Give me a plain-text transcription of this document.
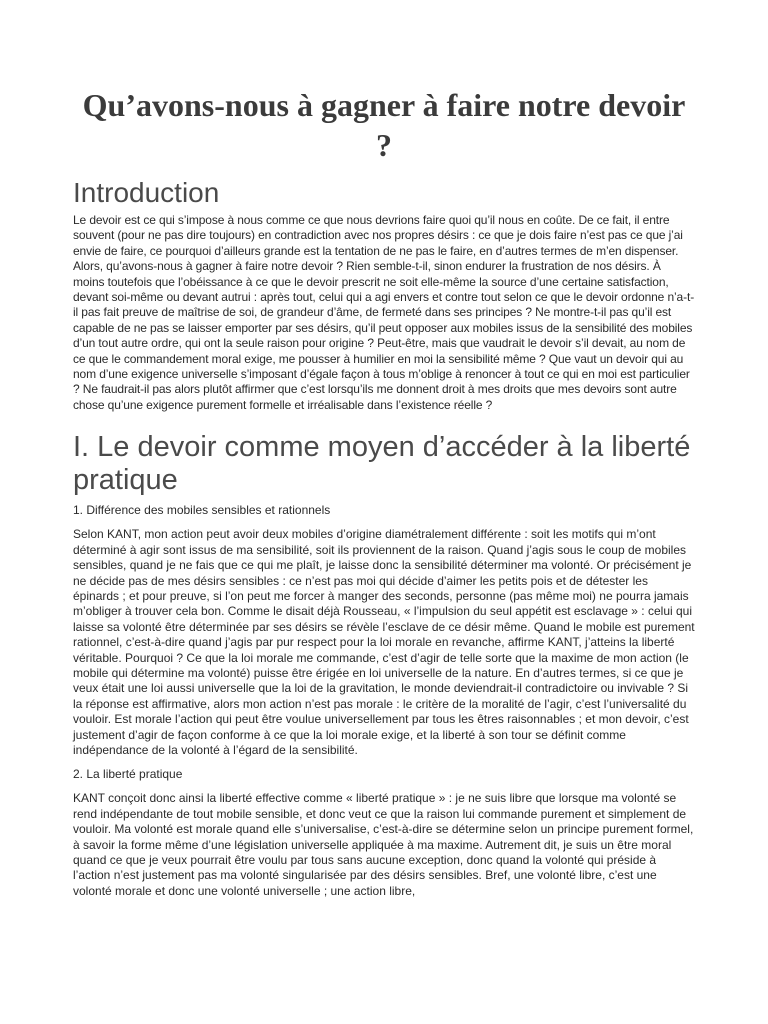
Qu’avons-nous à gagner à faire notre devoir ?
Introduction

Le devoir est ce qui s’impose à nous comme ce que nous devrions faire quoi qu’il nous en coûte. De ce fait, il entre souvent (pour ne pas dire toujours) en contradiction avec nos propres désirs : ce que je dois faire n’est pas ce que j’ai envie de faire, ce pourquoi d’ailleurs grande est la tentation de ne pas le faire, en d’autres termes de m’en dispenser. Alors, qu’avons-nous à gagner à faire notre devoir ? Rien semble-t-il, sinon endurer la frustration de nos désirs. À moins toutefois que l’obéissance à ce que le devoir prescrit ne soit elle-même la source d’une certaine satisfaction, devant soi-même ou devant autrui : après tout, celui qui a agi envers et contre tout selon ce que le devoir ordonne n’a-t-il pas fait preuve de maîtrise de soi, de grandeur d’âme, de fermeté dans ses principes ? Ne montre-t-il pas qu’il est capable de ne pas se laisser emporter par ses désirs, qu’il peut opposer aux mobiles issus de la sensibilité des mobiles d’un tout autre ordre, qui ont la seule raison pour origine ? Peut-être, mais que vaudrait le devoir s’il devait, au nom de ce que le commandement moral exige, me pousser à humilier en moi la sensibilité même ? Que vaut un devoir qui au nom d’une exigence universelle s’imposant d’égale façon à tous m’oblige à renoncer à tout ce qui en moi est particulier ? Ne faudrait-il pas alors plutôt affirmer que c’est lorsqu’ils me donnent droit à mes droits que mes devoirs sont autre chose qu’une exigence purement formelle et irréalisable dans l’existence réelle ?

I. Le devoir comme moyen d’accéder à la liberté pratique

1. Différence des mobiles sensibles et rationnels

Selon KANT, mon action peut avoir deux mobiles d’origine diamétralement différente : soit les motifs qui m’ont déterminé à agir sont issus de ma sensibilité, soit ils proviennent de la raison. Quand j’agis sous le coup de mobiles sensibles, quand je ne fais que ce qui me plaît, je laisse donc la sensibilité déterminer ma volonté. Or précisément je ne décide pas de mes désirs sensibles : ce n’est pas moi qui décide d’aimer les petits pois et de détester les épinards ; et pour preuve, si l’on peut me forcer à manger des seconds, personne (pas même moi) ne pourra jamais m’obliger à trouver cela bon. Comme le disait déjà Rousseau, « l’impulsion du seul appétit est esclavage » : celui qui laisse sa volonté être déterminée par ses désirs se révèle l’esclave de ce désir même. Quand le mobile est purement rationnel, c’est-à-dire quand j’agis par pur respect pour la loi morale en revanche, affirme KANT, j’atteins la liberté véritable. Pourquoi ? Ce que la loi morale me commande, c’est d’agir de telle sorte que la maxime de mon action (le mobile qui détermine ma volonté) puisse être érigée en loi universelle de la nature. En d’autres termes, si ce que je veux était une loi aussi universelle que la loi de la gravitation, le monde deviendrait-il contradictoire ou invivable ? Si la réponse est affirmative, alors mon action n’est pas morale : le critère de la moralité de l’agir, c’est l’universalité du vouloir. Est morale l’action qui peut être voulue universellement par tous les êtres raisonnables ; et mon devoir, c’est justement d’agir de façon conforme à ce que la loi morale exige, et la liberté à son tour se définit comme indépendance de la volonté à l’égard de la sensibilité.

2. La liberté pratique

KANT conçoit donc ainsi la liberté effective comme « liberté pratique » : je ne suis libre que lorsque ma volonté se rend indépendante de tout mobile sensible, et donc veut ce que la raison lui commande purement et simplement de vouloir. Ma volonté est morale quand elle s’universalise, c’est-à-dire se détermine selon un principe purement formel, à savoir la forme même d’une législation universelle appliquée à ma maxime. Autrement dit, je suis un être moral quand ce que je veux pourrait être voulu par tous sans aucune exception, donc quand la volonté qui préside à l’action n’est justement pas ma volonté singularisée par des désirs sensibles. Bref, une volonté libre, c’est une volonté morale et donc une volonté universelle ; une action libre,
